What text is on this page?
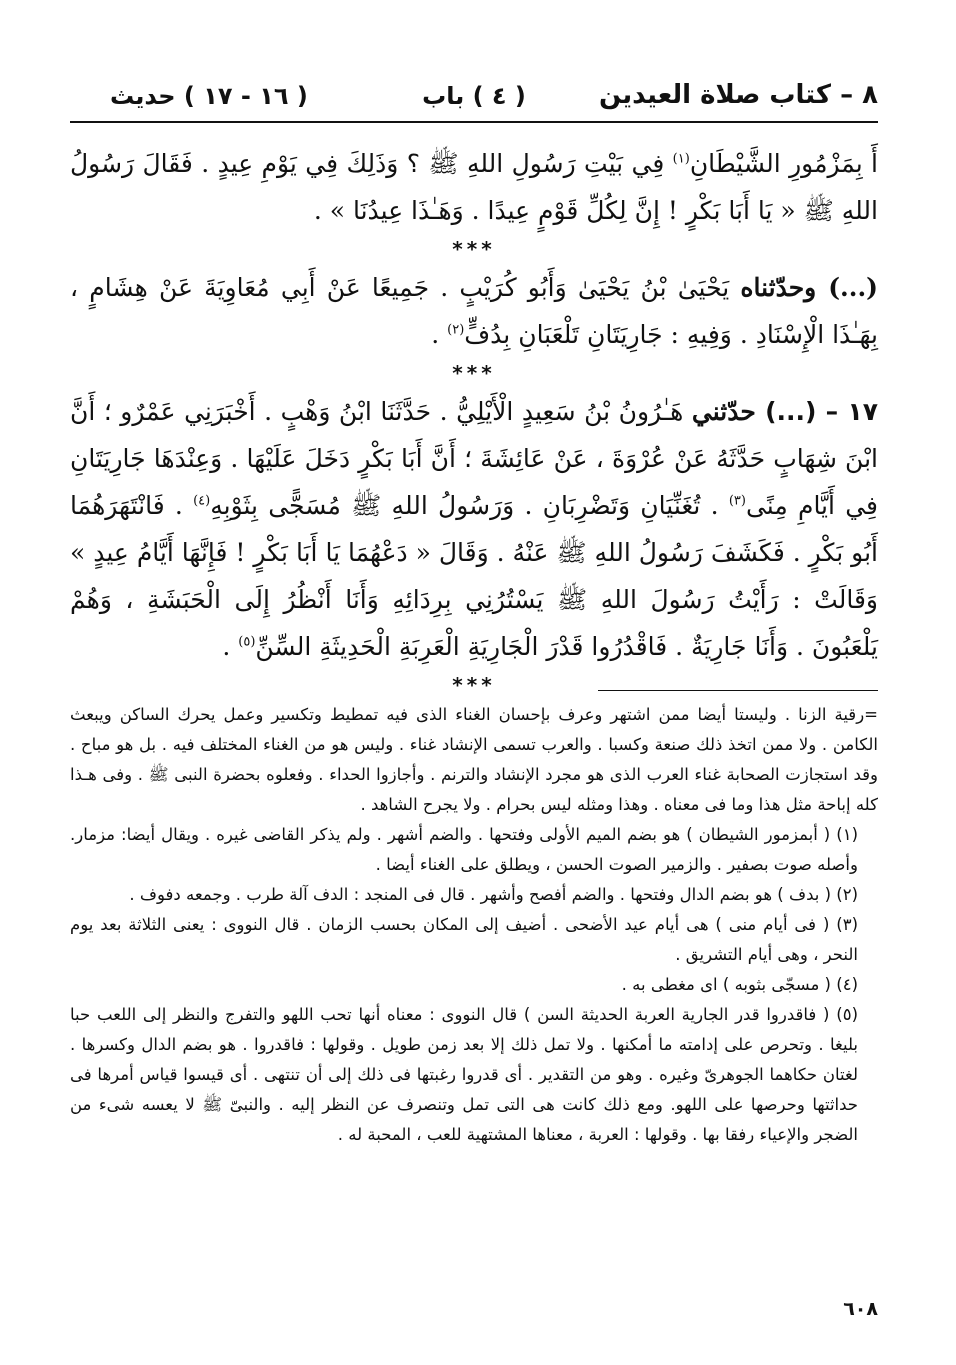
٨ – كتاب صلاة العيدين
( ٤ ) باب
( ١٦ - ١٧ ) حديث

أَ بِمَزْمُورِ الشَّيْطَانِ$^{(١)}$ فِي بَيْتِ رَسُولِ اللهِ ﷺ ؟ وَذَلِكَ فِي يَوْمِ عِيدٍ . فَقَالَ رَسُولُ اللهِ ﷺ « يَا أَبَا بَكْرٍ ! إِنَّ لِكُلِّ قَوْمٍ عِيدًا . وَهَـٰذَا عِيدُنَا » .

***

(...) وحدّثناه يَحْيَىٰ بْنُ يَحْيَىٰ وَأَبُو كُرَيْبٍ . جَمِيعًا عَنْ أَبِي مُعَاوِيَةَ عَنْ هِشَامٍ ، بِهَـٰذَا الْإِسْنَادِ . وَفِيهِ : جَارِيَتَانِ تَلْعَبَانِ بِدُفٍّ$^{(٢)}$ .

***

١٧ – (...) حدّثني هَـٰرُونُ بْنُ سَعِيدٍ الْأَيْلِيُّ . حَدَّثَنَا ابْنُ وَهْبٍ . أَخْبَرَنِي عَمْرٌو ؛ أَنَّ ابْنَ شِهَابٍ حَدَّثَهُ عَنْ عُرْوَةَ ، عَنْ عَائِشَةَ ؛ أَنَّ أَبَا بَكْرٍ دَخَلَ عَلَيْهَا . وَعِنْدَهَا جَارِيَتَانِ فِي أَيَّامِ مِنًى$^{(٣)}$ . تُغَنِّيَانِ وَتَضْرِبَانِ . وَرَسُولُ اللهِ ﷺ مُسَجًّى بِثَوْبِهِ$^{(٤)}$ . فَانْتَهَرَهُمَا أَبُو بَكْرٍ . فَكَشَفَ رَسُولُ اللهِ ﷺ عَنْهُ . وَقَالَ « دَعْهُمَا يَا أَبَا بَكْرٍ ! فَإِنَّهَا أَيَّامُ عِيدٍ » وَقَالَتْ : رَأَيْتُ رَسُولَ اللهِ ﷺ يَسْتُرُنِي بِرِدَائِهِ وَأَنَا أَنْظُرُ إِلَى الْحَبَشَةِ ، وَهُمْ يَلْعَبُونَ . وَأَنَا جَارِيَةٌ . فَاقْدُرُوا قَدْرَ الْجَارِيَةِ الْعَرِبَةِ الْحَدِيثَةِ السِّنِّ$^{(٥)}$ .

***

=رقية الزنا . وليستا أيضا ممن اشتهر وعرف بإحسان الغناء الذى فيه تمطيط وتكسير وعمل يحرك الساكن ويبعث الكامن . ولا ممن اتخذ ذلك صنعة وكسبا . والعرب تسمى الإنشاد غناء . وليس هو من الغناء المختلف فيه . بل هو مباح . وقد استجازت الصحابة غناء العرب الذى هو مجرد الإنشاد والترنم . وأجازوا الحداء . وفعلوه بحضرة النبى ﷺ . وفى هـذا كله إباحة مثل هذا وما فى معناه . وهذا ومثله ليس بحرام . ولا يجرح الشاهد .

(١) ( أبمزمور الشيطان ) هو بضم الميم الأولى وفتحها . والضم أشهر . ولم يذكر القاضى غيره . ويقال أيضا: مزمار. وأصله صوت بصفير . والزمير الصوت الحسن ، ويطلق على الغناء أيضا .

(٢) ( بدف ) هو بضم الدال وفتحها . والضم أفصح وأشهر . قال فى المنجد : الدف آلة طرب . وجمعه دفوف .

(٣) ( فى أيام منى ) هى أيام عيد الأضحى . أضيف إلى المكان بحسب الزمان . قال النووى : يعنى الثلاثة بعد يوم النحر ، وهى أيام التشريق .

(٤) ( مسجّى بثوبه ) اى مغطى به .

(٥) ( فاقدروا قدر الجارية العربة الحديثة السن ) قال النووى : معناه أنها تحب اللهو والتفرج والنظر إلى اللعب حبا بليغا . وتحرص على إدامته ما أمكنها . ولا تمل ذلك إلا بعد زمن طويل . وقولها : فاقدروا . هو بضم الدال وكسرها . لغتان حكاهما الجوهرىّ وغيره . وهو من التقدير . أى قدروا رغبتها فى ذلك إلى أن تنتهى . أى قيسوا قياس أمرها فى حداثتها وحرصها على اللهو. ومع ذلك كانت هى التى تمل وتنصرف عن النظر إليه . والنبىّ ﷺ لا يعسه شىء من الضجر والإعياء رفقا بها . وقولها : العربة ، معناها المشتهية للعب ، المحبة له .

٦٠٨
